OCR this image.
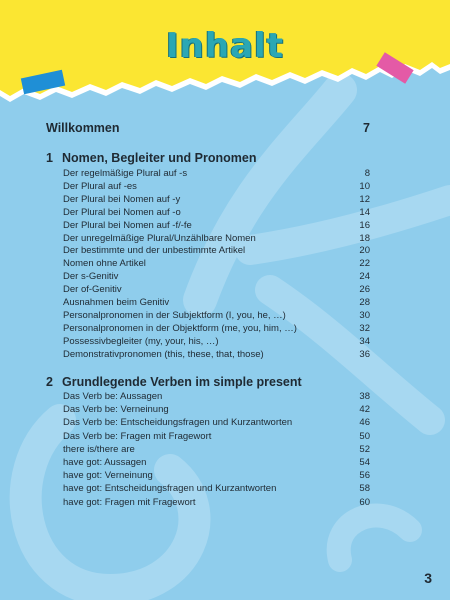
Inhalt
Willkommen	7
1 Nomen, Begleiter und Pronomen
Der regelmäßige Plural auf -s	8
Der Plural auf -es	10
Der Plural bei Nomen auf -y	12
Der Plural bei Nomen auf -o	14
Der Plural bei Nomen auf -f/-fe	16
Der unregelmäßige Plural/Unzählbare Nomen	18
Der bestimmte und der unbestimmte Artikel	20
Nomen ohne Artikel	22
Der s-Genitiv	24
Der of-Genitiv	26
Ausnahmen beim Genitiv	28
Personalpronomen in der Subjektform (I, you, he, …)	30
Personalpronomen in der Objektform (me, you, him, …)	32
Possessivbegleiter (my, your, his, …)	34
Demonstrativpronomen (this, these, that, those)	36
2 Grundlegende Verben im simple present
Das Verb be: Aussagen	38
Das Verb be: Verneinung	42
Das Verb be: Entscheidungsfragen und Kurzantworten	46
Das Verb be: Fragen mit Fragewort	50
there is/there are	52
have got: Aussagen	54
have got: Verneinung	56
have got: Entscheidungsfragen und Kurzantworten	58
have got: Fragen mit Fragewort	60
3
